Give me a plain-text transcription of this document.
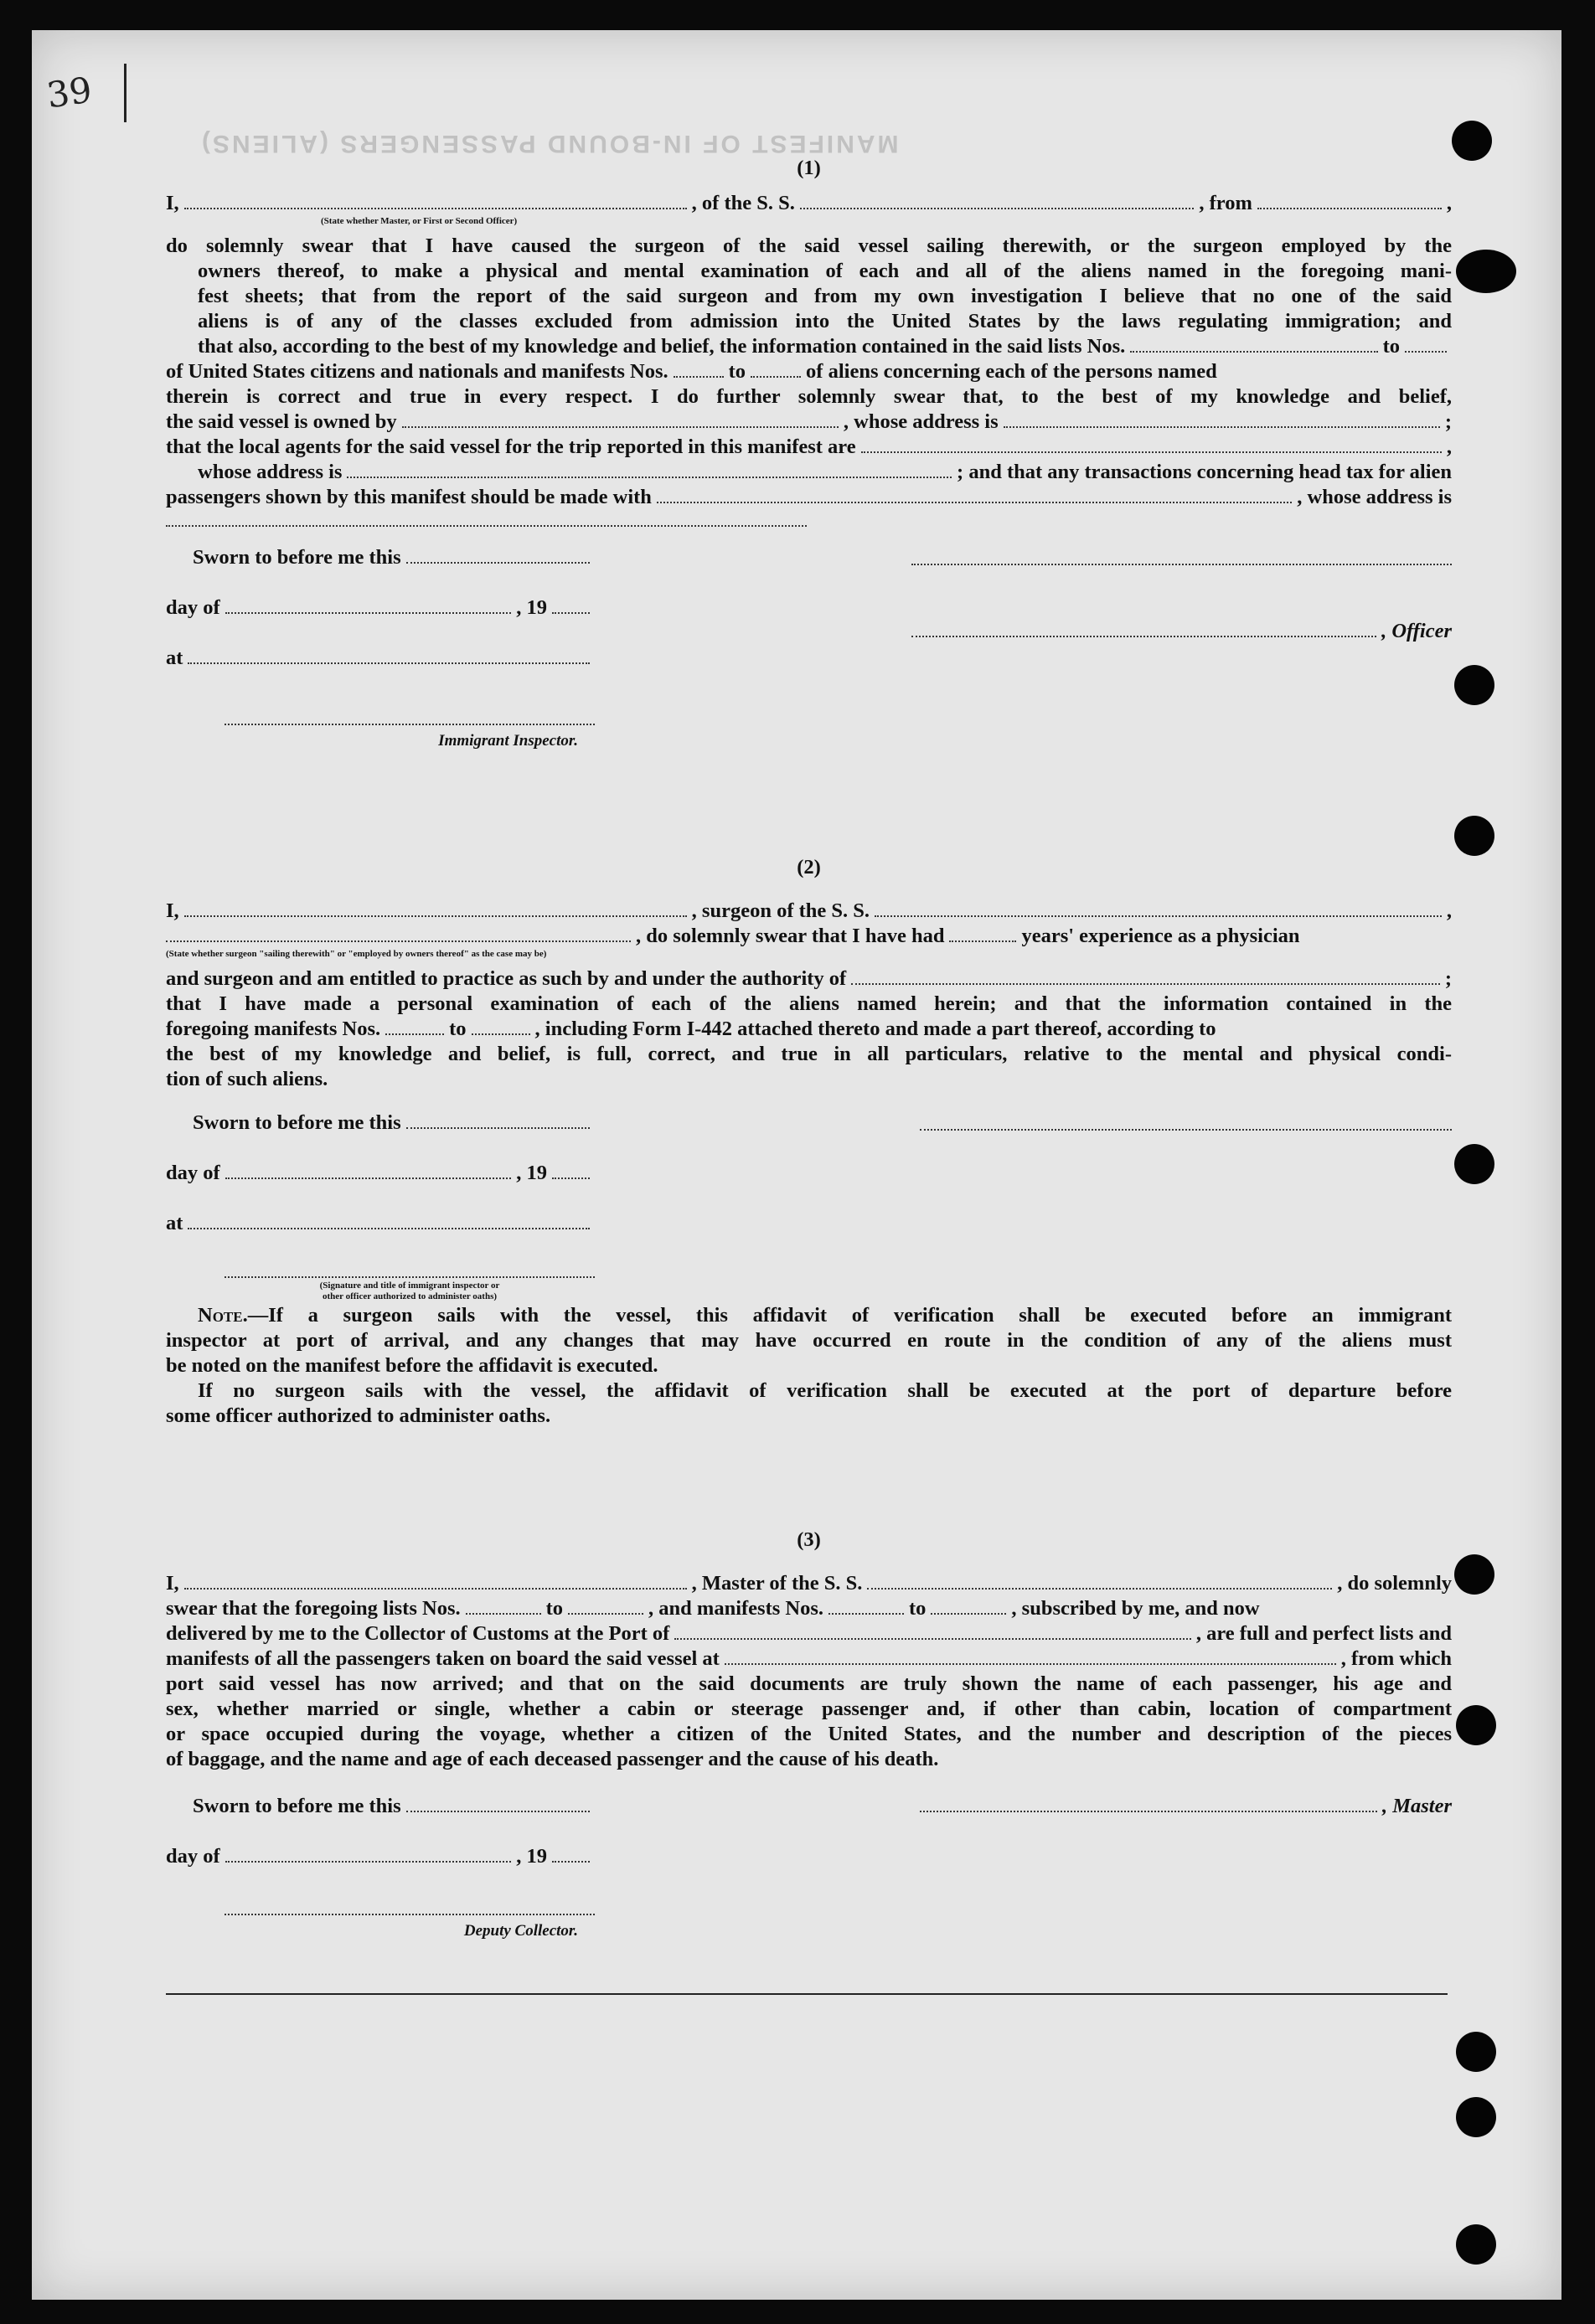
MANIFEST OF IN-BOUND PASSENGERS (ALIENS)
39
(1)
I,	, of the S. S.	, from	,
(State whether Master, or First or Second Officer)
do solemnly swear that I have caused the surgeon of the said vessel sailing therewith, or the surgeon employed by the
owners thereof, to make a physical and mental examination of each and all of the aliens named in the foregoing mani-
fest sheets; that from the report of the said surgeon and from my own investigation I believe that no one of the said
aliens is of any of the classes excluded from admission into the United States by the laws regulating immigration; and
that also, according to the best of my knowledge and belief, the information contained in the said lists Nos.	to
of United States citizens and nationals and manifests Nos.	to	of aliens concerning each of the persons named
therein is correct and true in every respect. I do further solemnly swear that, to the best of my knowledge and belief,
the said vessel is owned by	, whose address is	;
that the local agents for the said vessel for the trip reported in this manifest are	,
whose address is	; and that any transactions concerning head tax for alien
passengers shown by this manifest should be made with	, whose address is
Sworn to before me this
day of	, 19
, Officer
at
Immigrant Inspector.
(2)
I,	, surgeon of the S. S.	,
, do solemnly swear that I have had	years' experience as a physician
(State whether surgeon "sailing therewith" or "employed by owners thereof" as the case may be)
and surgeon and am entitled to practice as such by and under the authority of	;
that I have made a personal examination of each of the aliens named herein; and that the information contained in the
foregoing manifests Nos.	to	, including Form I-442 attached thereto and made a part thereof, according to
the best of my knowledge and belief, is full, correct, and true in all particulars, relative to the mental and physical condi-
tion of such aliens.
Sworn to before me this
day of	, 19
at
(Signature and title of immigrant inspector or
other officer authorized to administer oaths)
Note.—If a surgeon sails with the vessel, this affidavit of verification shall be executed before an immigrant
inspector at port of arrival, and any changes that may have occurred en route in the condition of any of the aliens must
be noted on the manifest before the affidavit is executed.
If no surgeon sails with the vessel, the affidavit of verification shall be executed at the port of departure before
some officer authorized to administer oaths.
(3)
I,	, Master of the S. S.	, do solemnly
swear that the foregoing lists Nos.	to	, and manifests Nos.	to	, subscribed by me, and now
delivered by me to the Collector of Customs at the Port of	, are full and perfect lists and
manifests of all the passengers taken on board the said vessel at	, from which
port said vessel has now arrived; and that on the said documents are truly shown the name of each passenger, his age and
sex, whether married or single, whether a cabin or steerage passenger and, if other than cabin, location of compartment
or space occupied during the voyage, whether a citizen of the United States, and the number and description of the pieces
of baggage, and the name and age of each deceased passenger and the cause of his death.
Sworn to before me this	, Master
day of	, 19
Deputy Collector.
